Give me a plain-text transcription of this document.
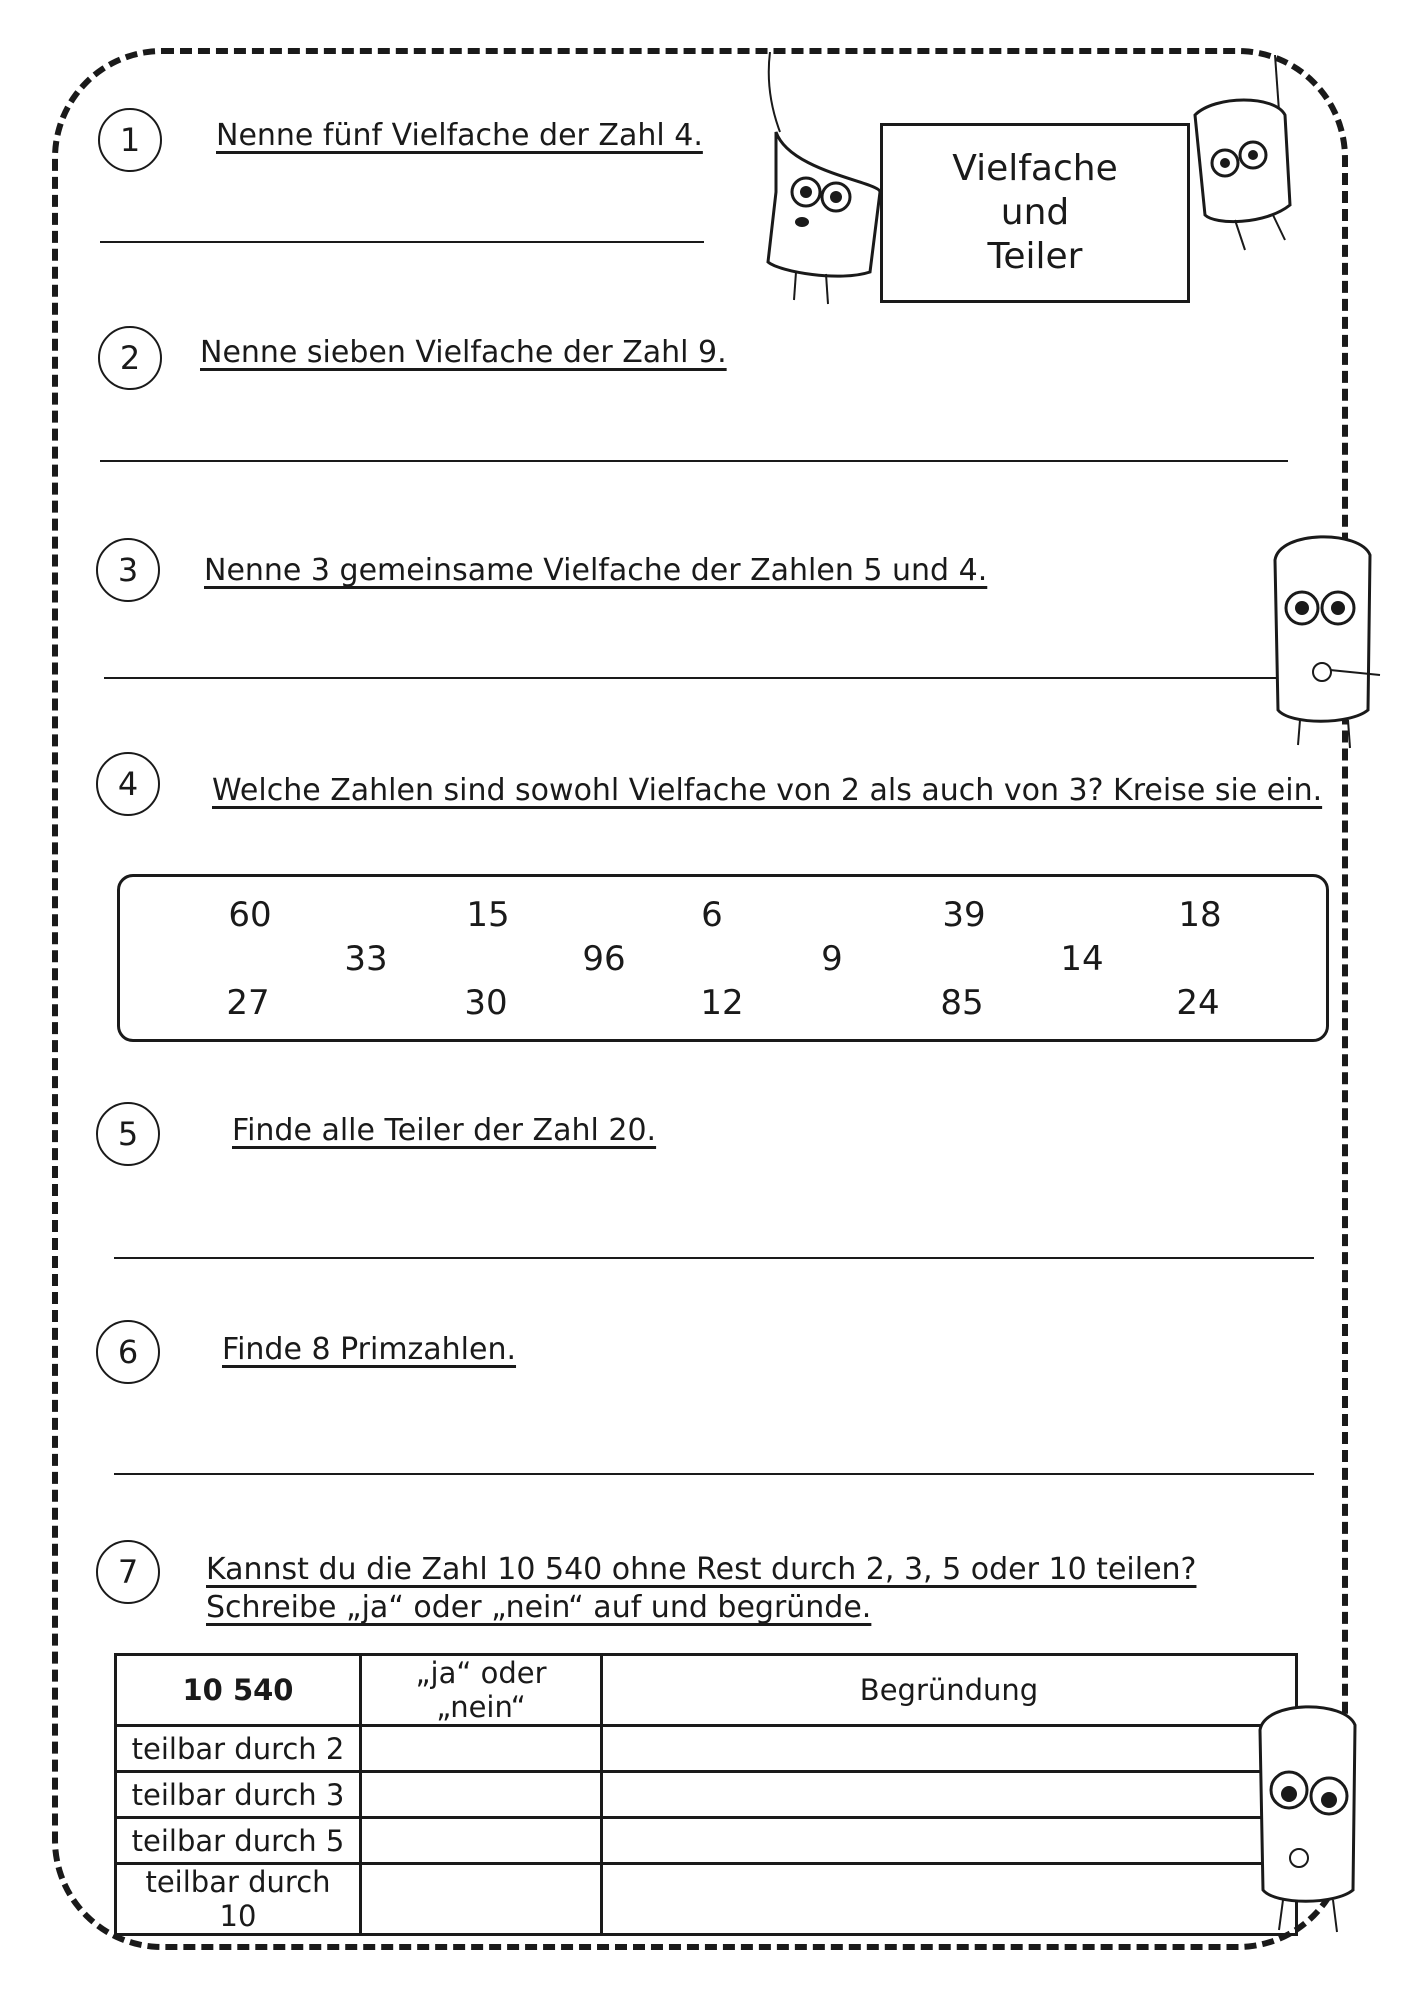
Vielfache
und
Teiler
1	Nenne fünf Vielfache der Zahl 4.
2 Nenne sieben Vielfache der Zahl 9.
3 Nenne 3 gemeinsame Vielfache der Zahlen 5 und 4.
4 Welche Zahlen sind sowohl Vielfache von 2 als auch von 3? Kreise sie ein.
60	15	6	39	18
33	96	9	14
27	30	12	85	24
5	Finde alle Teiler der Zahl 20.
6	Finde 8 Primzahlen.
7 Kannst du die Zahl 10 540 ohne Rest durch 2, 3, 5 oder 10 teilen? Schreibe „ja“ oder „nein“ auf und begründe.
10 540	„ja“ oder „nein“	Begründung
teilbar durch 2		
teilbar durch 3		
teilbar durch 5		
teilbar durch 10		
